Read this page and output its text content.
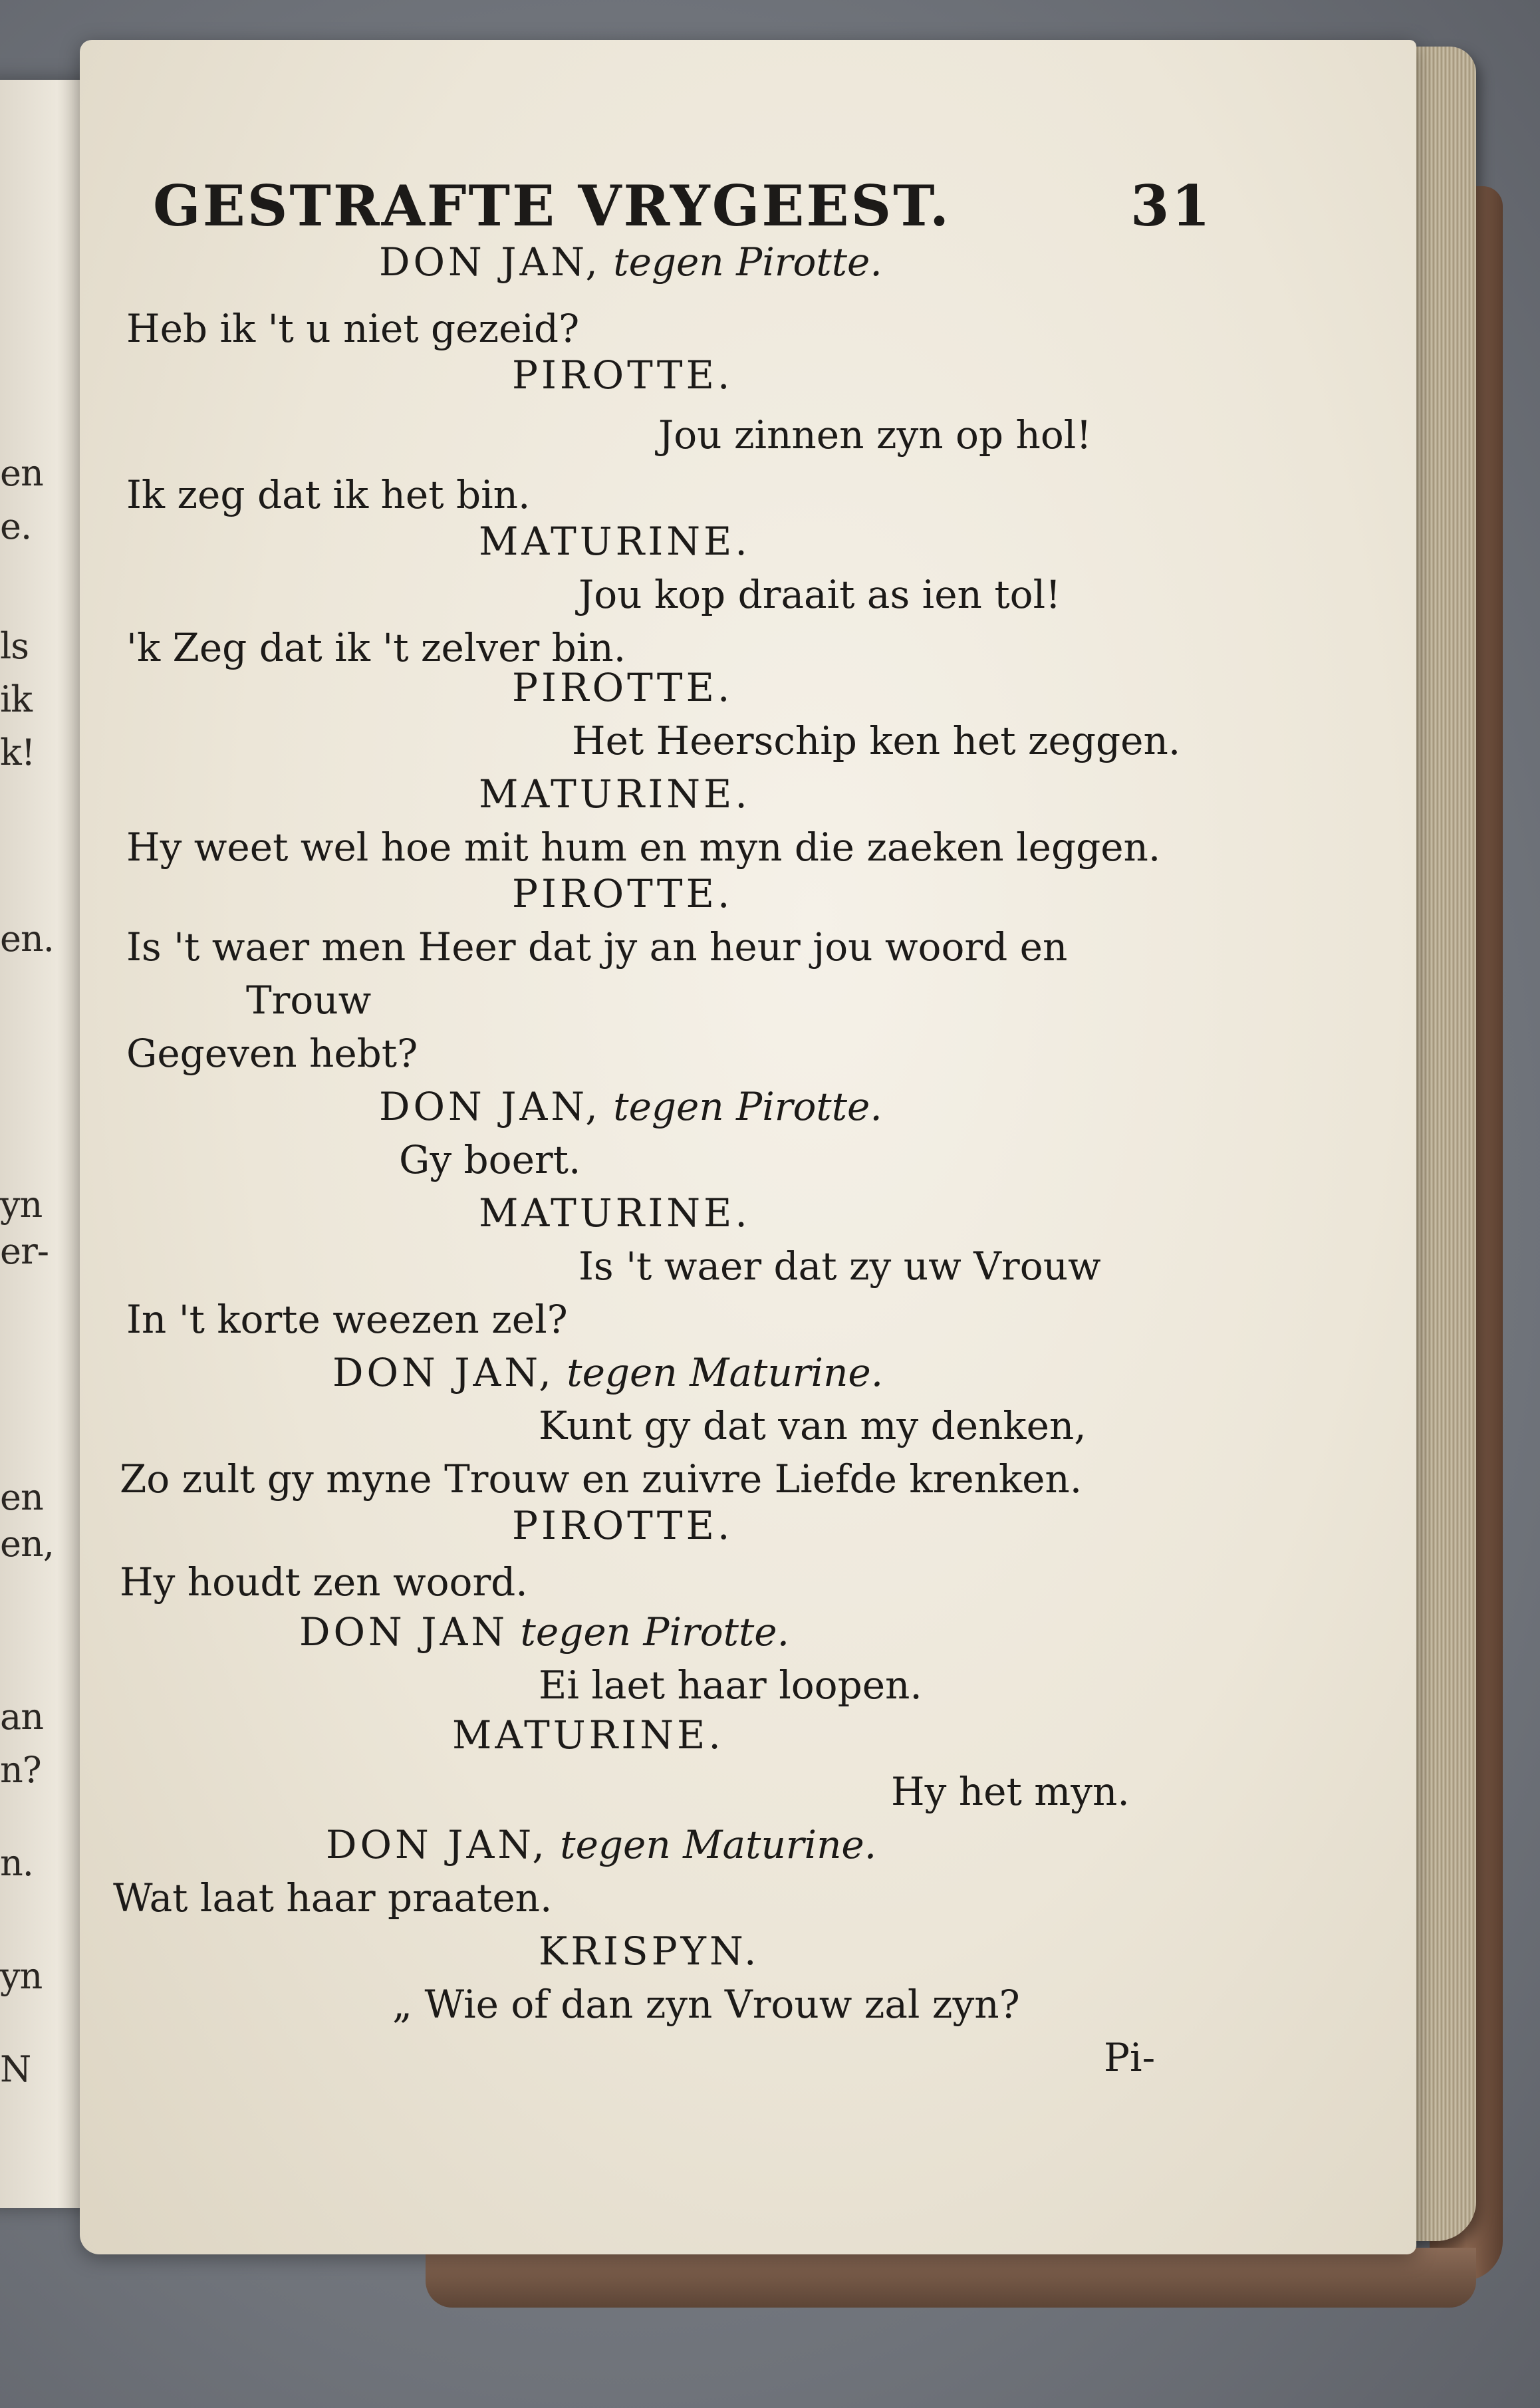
en
e.
ls
ik
k!
en.
yn
er-
en
en,
an
n?
n.
yn
N
GESTRAFTE VRYGEEST.	31
DON JAN, tegen Pirotte.
Heb ik 't u niet gezeid?
PIROTTE.
Jou zinnen zyn op hol!
Ik zeg dat ik het bin.
MATURINE.
Jou kop draait as ien tol!
'k Zeg dat ik 't zelver bin.
PIROTTE.
Het Heerschip ken het zeggen.
MATURINE.
Hy weet wel hoe mit hum en myn die zaeken leggen.
PIROTTE.
Is 't waer men Heer dat jy an heur jou woord en
Trouw
Gegeven hebt?
DON JAN, tegen Pirotte.
Gy boert.
MATURINE.
Is 't waer dat zy uw Vrouw
In 't korte weezen zel?
DON JAN, tegen Maturine.
Kunt gy dat van my denken,
Zo zult gy myne Trouw en zuivre Liefde krenken.
PIROTTE.
Hy houdt zen woord.
DON JAN tegen Pirotte.
Ei laet haar loopen.
MATURINE.
Hy het myn.
DON JAN, tegen Maturine.
Wat laat haar praaten.
KRISPYN.
„ Wie of dan zyn Vrouw zal zyn?
Pi-
